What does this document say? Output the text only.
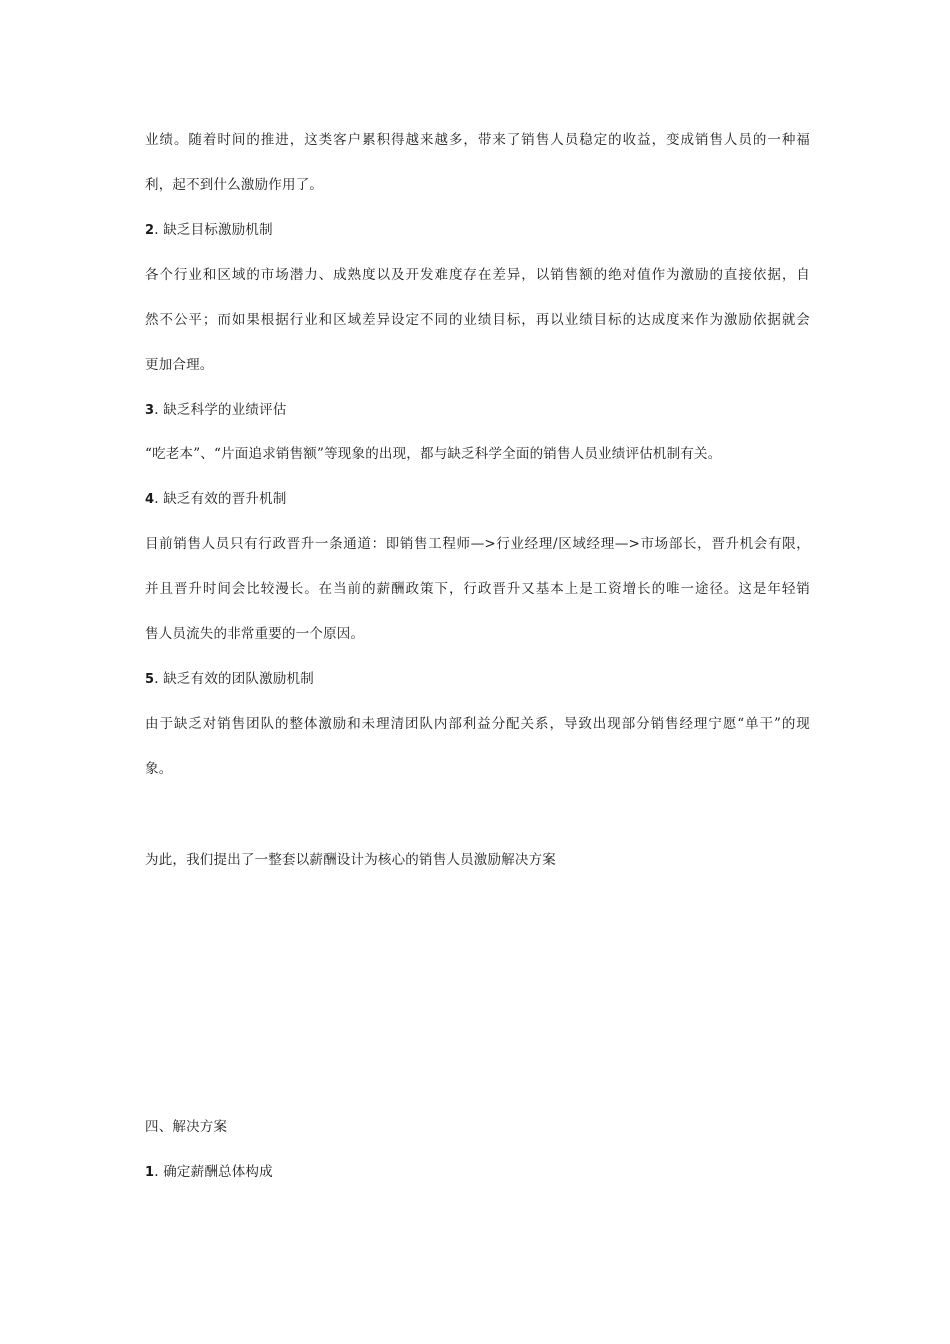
业绩。随着时间的推进，这类客户累积得越来越多，带来了销售人员稳定的收益，变成销售人员的一种福
利，起不到什么激励作用了。
2. 缺乏目标激励机制
各个行业和区域的市场潜力、成熟度以及开发难度存在差异，以销售额的绝对值作为激励的直接依据，自
然不公平；而如果根据行业和区域差异设定不同的业绩目标，再以业绩目标的达成度来作为激励依据就会
更加合理。
3. 缺乏科学的业绩评估
“吃老本”、“片面追求销售额”等现象的出现，都与缺乏科学全面的销售人员业绩评估机制有关。
4. 缺乏有效的晋升机制
目前销售人员只有行政晋升一条通道：即销售工程师—>行业经理/区域经理—>市场部长，晋升机会有限，
并且晋升时间会比较漫长。在当前的薪酬政策下，行政晋升又基本上是工资增长的唯一途径。这是年轻销
售人员流失的非常重要的一个原因。
5. 缺乏有效的团队激励机制
由于缺乏对销售团队的整体激励和未理清团队内部利益分配关系，导致出现部分销售经理宁愿“单干”的现
象。
为此，我们提出了一整套以薪酬设计为核心的销售人员激励解决方案
四、解决方案
1. 确定薪酬总体构成
